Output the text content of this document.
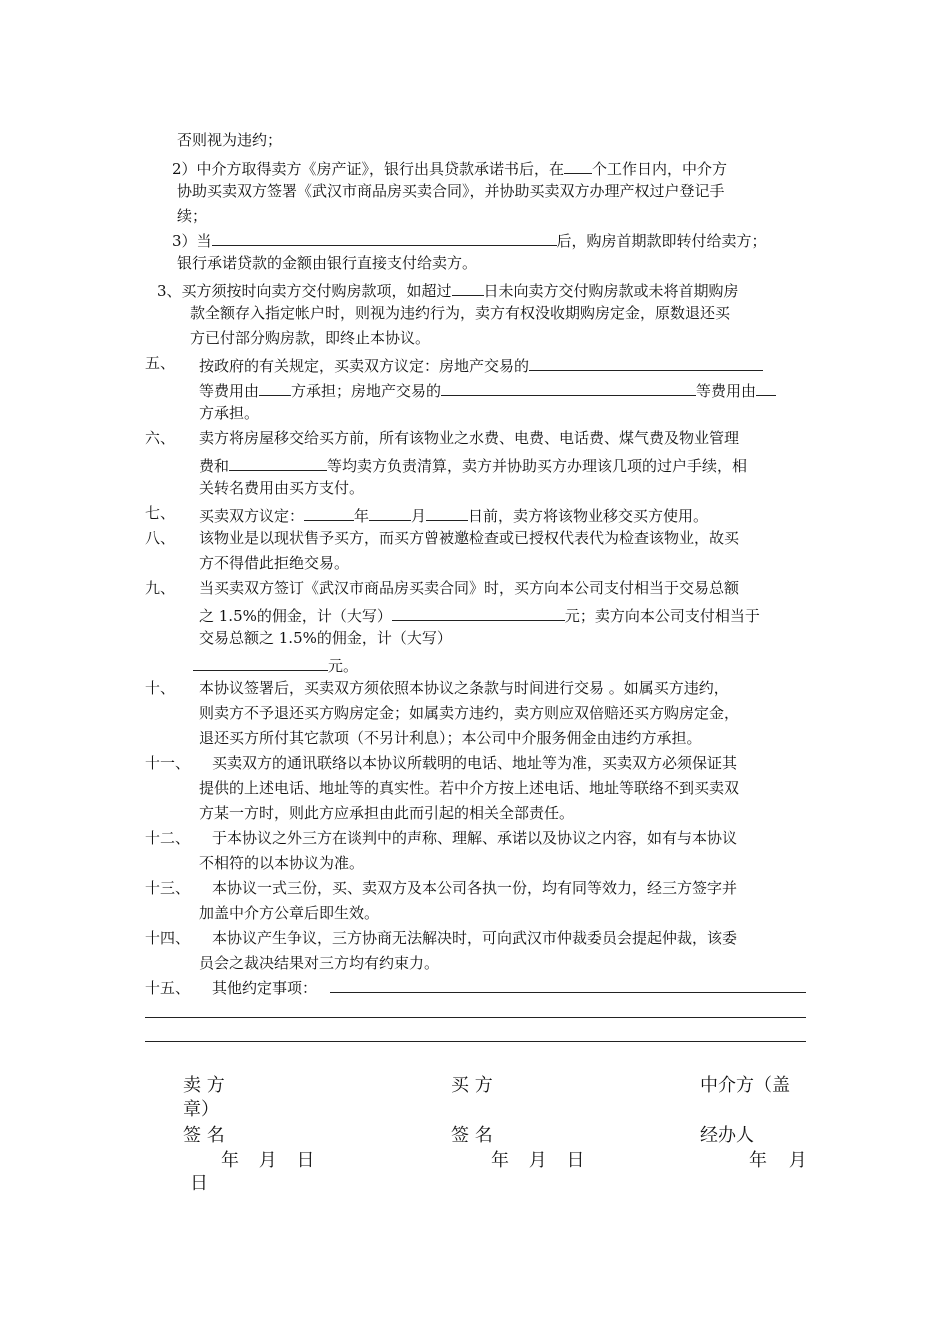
否则视为违约；
2）中介方取得卖方《房产证》，银行出具贷款承诺书后，在 个工作日内，中介方
协助买卖双方签署《武汉市商品房买卖合同》，并协助买卖双方办理产权过户登记手
续；
3）当	后，购房首期款即转付给卖方；
银行承诺贷款的金额由银行直接支付给卖方。
3、买方须按时向卖方交付购房款项，如超过 日未向卖方交付购房款或未将首期购房
款全额存入指定帐户时，则视为违约行为，卖方有权没收期购房定金，原数退还买
方已付部分购房款，即终止本协议。
五、 按政府的有关规定，买卖双方议定：房地产交易的
等费用由 方承担；房地产交易的	等费用由
方承担。
六、 卖方将房屋移交给买方前，所有该物业之水费、电费、电话费、煤气费及物业管理
费和	等均卖方负责清算，卖方并协助买方办理该几项的过户手续，相
关转名费用由买方支付。
七、 买卖双方议定：	年	月	日前，卖方将该物业移交买方使用。
八、 该物业是以现状售予买方，而买方曾被邀检查或已授权代表代为检查该物业，故买
方不得借此拒绝交易。
九、 当买卖双方签订《武汉市商品房买卖合同》时，买方向本公司支付相当于交易总额
之 1.5%的佣金，计（大写）	元；卖方向本公司支付相当于
交易总额之 1.5%的佣金，计（大写）
元。
十、 本协议签署后，买卖双方须依照本协议之条款与时间进行交易 。如属买方违约，
则卖方不予退还买方购房定金；如属卖方违约，卖方则应双倍赔还买方购房定金，
退还买方所付其它款项（不另计利息）；本公司中介服务佣金由违约方承担。
十一、 买卖双方的通讯联络以本协议所载明的电话、地址等为准，买卖双方必须保证其
提供的上述电话、地址等的真实性。若中介方按上述电话、地址等联络不到买卖双
方某一方时，则此方应承担由此而引起的相关全部责任。
十二、 于本协议之外三方在谈判中的声称、理解、承诺以及协议之内容，如有与本协议
不相符的以本协议为准。
十三、 本协议一式三份，买、卖双方及本公司各执一份，均有同等效力，经三方签字并
加盖中介方公章后即生效。
十四、 本协议产生争议，三方协商无法解决时，可向武汉市仲裁委员会提起仲裁，该委
员会之裁决结果对三方均有约束力。
十五、 其他约定事项：
卖 方	买 方	中介方（盖
章）
签 名	签 名	经办人
年 月 日	年 月 日	年 月
日
